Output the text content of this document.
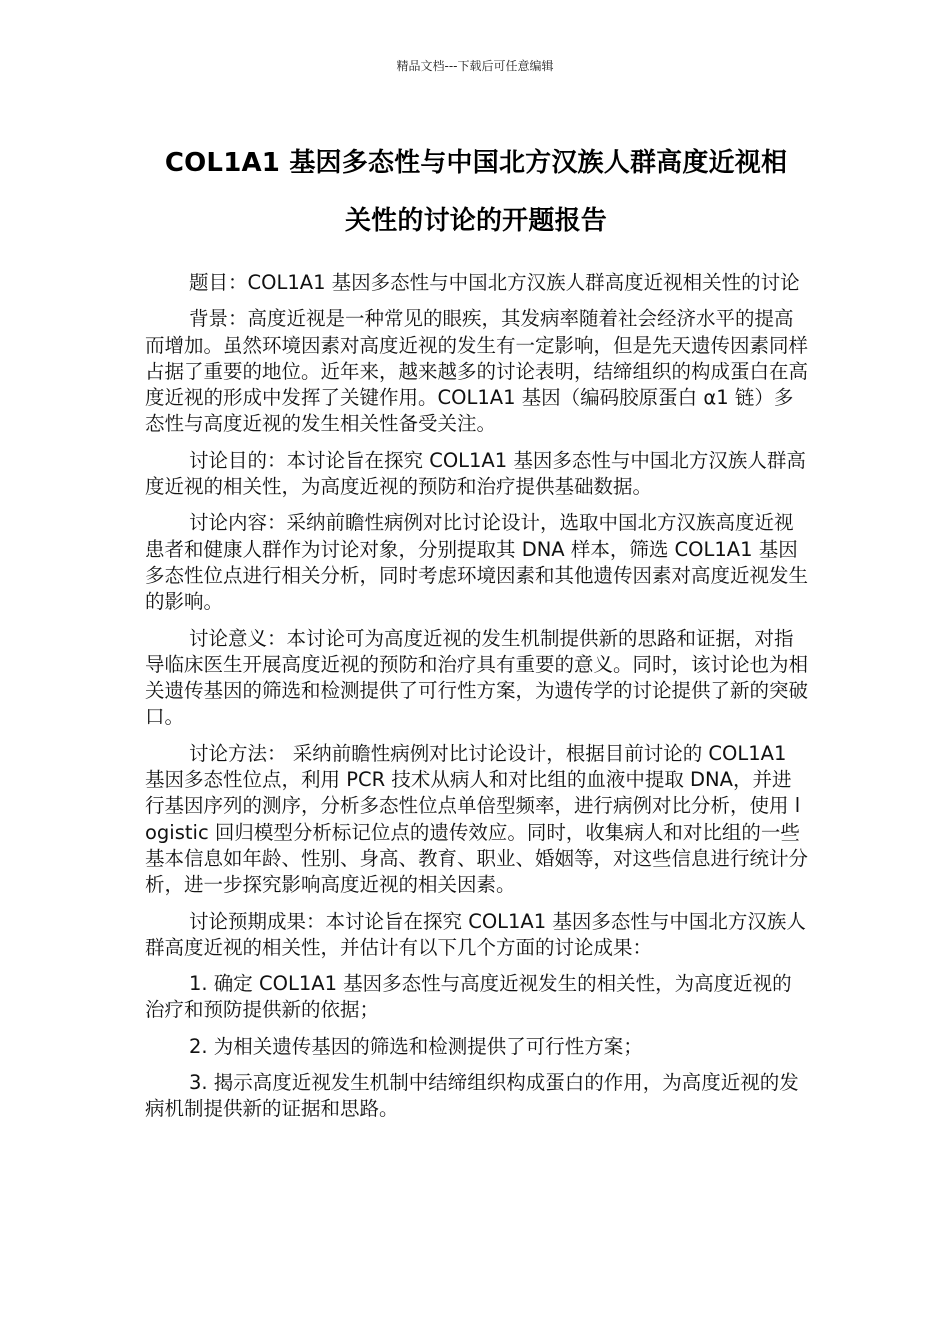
精品文档---下载后可任意编辑
COL1A1 基因多态性与中国北方汉族人群高度近视相
关性的讨论的开题报告

题目：COL1A1 基因多态性与中国北方汉族人群高度近视相关性的讨论

背景：高度近视是一种常见的眼疾，其发病率随着社会经济水平的提高而增加。虽然环境因素对高度近视的发生有一定影响，但是先天遗传因素同样占据了重要的地位。近年来，越来越多的讨论表明，结缔组织的构成蛋白在高度近视的形成中发挥了关键作用。COL1A1 基因（编码胶原蛋白 α1 链）多态性与高度近视的发生相关性备受关注。

讨论目的：本讨论旨在探究 COL1A1 基因多态性与中国北方汉族人群高度近视的相关性，为高度近视的预防和治疗提供基础数据。

讨论内容：采纳前瞻性病例对比讨论设计，选取中国北方汉族高度近视患者和健康人群作为讨论对象，分别提取其 DNA 样本，筛选 COL1A1 基因多态性位点进行相关分析，同时考虑环境因素和其他遗传因素对高度近视发生的影响。

讨论意义：本讨论可为高度近视的发生机制提供新的思路和证据，对指导临床医生开展高度近视的预防和治疗具有重要的意义。同时，该讨论也为相关遗传基因的筛选和检测提供了可行性方案，为遗传学的讨论提供了新的突破口。

讨论方法： 采纳前瞻性病例对比讨论设计，根据目前讨论的 COL1A1 基因多态性位点，利用 PCR 技术从病人和对比组的血液中提取 DNA，并进行基因序列的测序，分析多态性位点单倍型频率，进行病例对比分析，使用 logistic 回归模型分析标记位点的遗传效应。同时，收集病人和对比组的一些基本信息如年龄、性别、身高、教育、职业、婚姻等，对这些信息进行统计分析，进一步探究影响高度近视的相关因素。

讨论预期成果：本讨论旨在探究 COL1A1 基因多态性与中国北方汉族人群高度近视的相关性，并估计有以下几个方面的讨论成果：

1. 确定 COL1A1 基因多态性与高度近视发生的相关性，为高度近视的治疗和预防提供新的依据；

2. 为相关遗传基因的筛选和检测提供了可行性方案；

3. 揭示高度近视发生机制中结缔组织构成蛋白的作用，为高度近视的发病机制提供新的证据和思路。
